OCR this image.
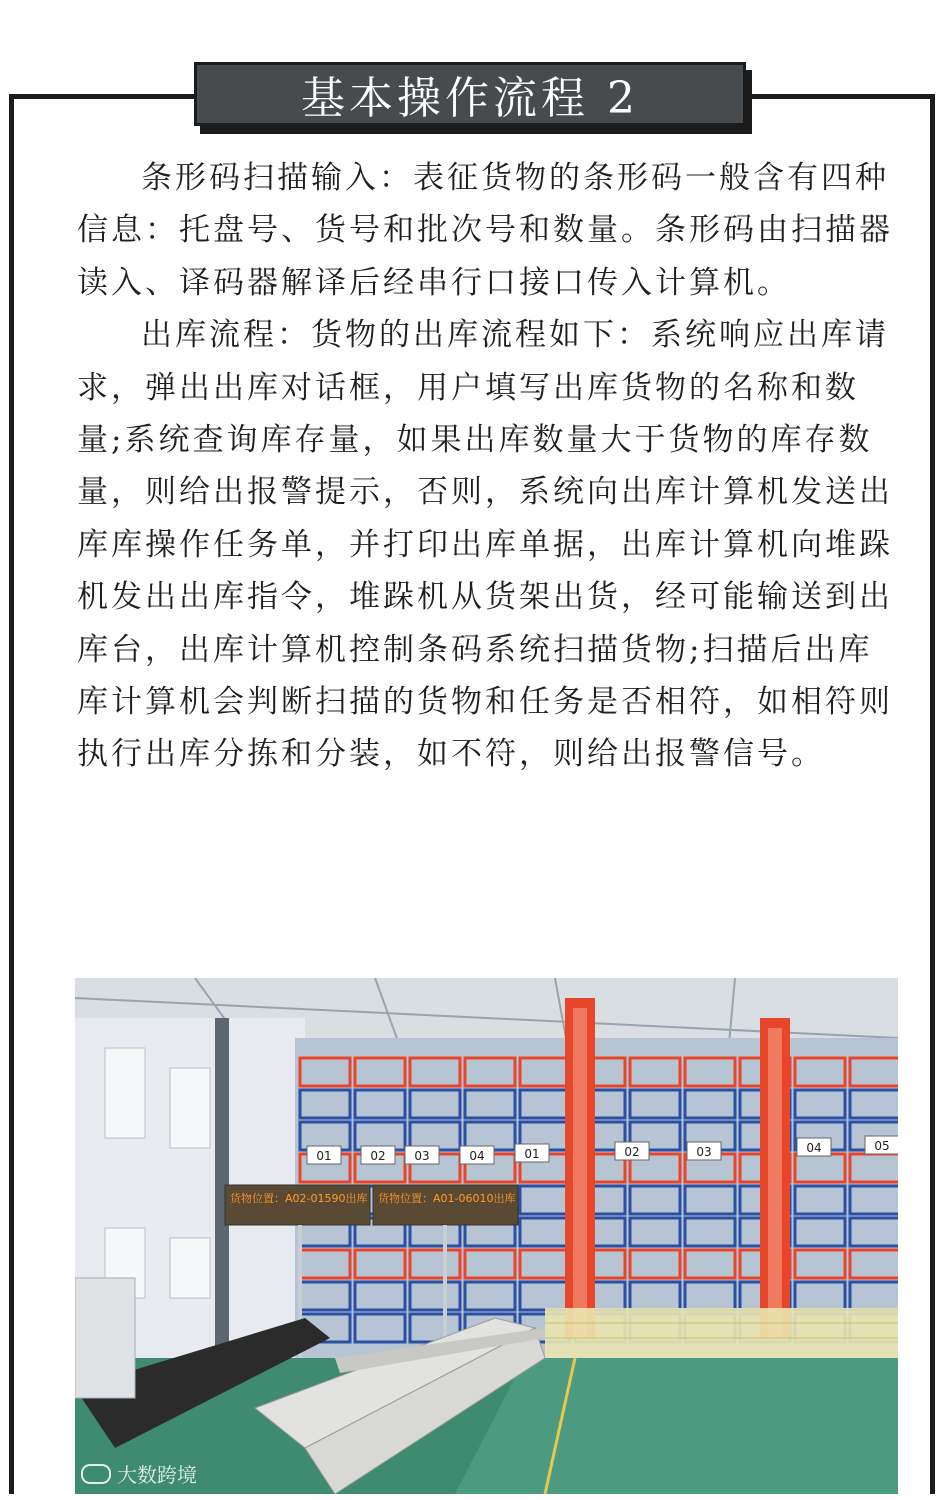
基本操作流程 2

条形码扫描输入：表征货物的条形码一般含有四种信息：托盘号、货号和批次号和数量。条形码由扫描器读入、译码器解译后经串行口接口传入计算机。

出库流程：货物的出库流程如下：系统响应出库请求，弹出出库对话框，用户填写出库货物的名称和数量;系统查询库存量，如果出库数量大于货物的库存数量，则给出报警提示，否则，系统向出库计算机发送出库库操作任务单，并打印出库单据，出库计算机向堆跺机发出出库指令，堆跺机从货架出货，经可能输送到出库台，出库计算机控制条码系统扫描货物;扫描后出库库计算机会判断扫描的货物和任务是否相符，如相符则执行出库分拣和分装，如不符，则给出报警信号。

01	02 03	04	01	02	03	04	05
货物位置：A02-01590出库 货物位置：A01-06010出库
大数跨境
